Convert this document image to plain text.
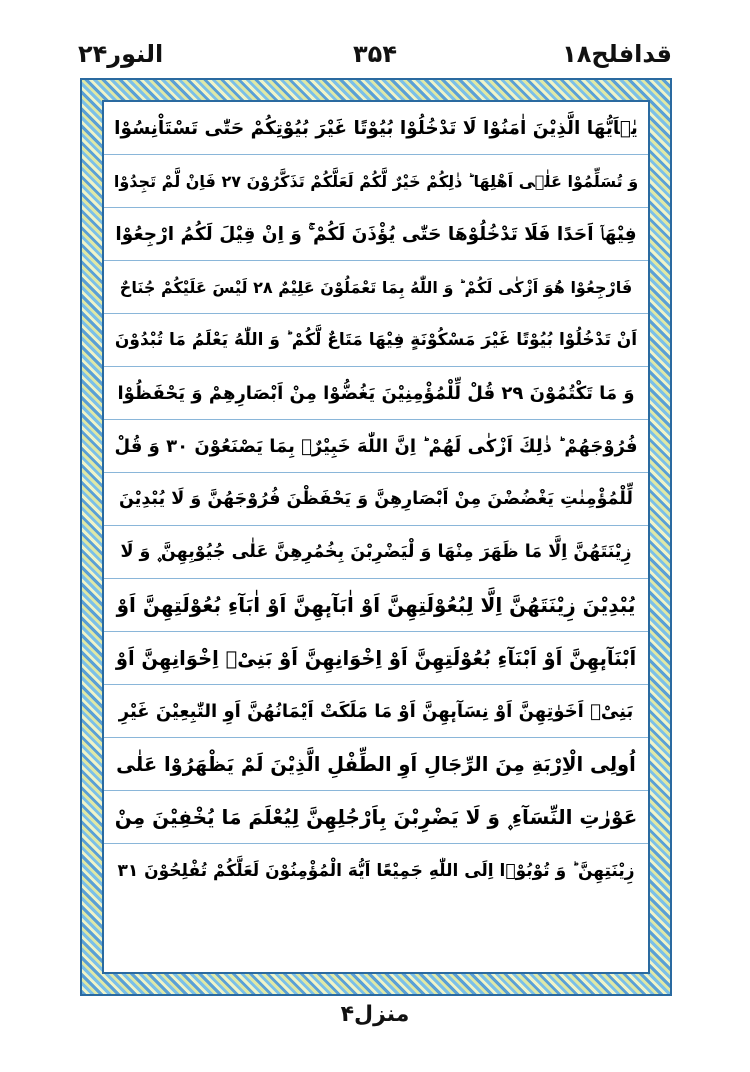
النور۲۴	۳۵۴	قدافلح۱۸
یٰۤاَیُّهَا الَّذِیْنَ اٰمَنُوْا لَا تَدْخُلُوْا بُیُوْتًا غَیْرَ بُیُوْتِكُمْ حَتّٰى تَسْتَاْنِسُوْا
وَ تُسَلِّمُوْا عَلٰۤى اَهْلِهَا ؕ ذٰلِكُمْ خَیْرٌ لَّكُمْ لَعَلَّكُمْ تَذَكَّرُوْنَ ۲۷ فَاِنْ لَّمْ تَجِدُوْا
فِیْهَاۤ اَحَدًا فَلَا تَدْخُلُوْهَا حَتّٰى یُؤْذَنَ لَكُمْ ۚ وَ اِنْ قِیْلَ لَكُمُ ارْجِعُوْا
فَارْجِعُوْا هُوَ اَزْكٰى لَكُمْ ؕ وَ اللّٰهُ بِمَا تَعْمَلُوْنَ عَلِیْمٌ ۲۸ لَیْسَ عَلَیْكُمْ جُنَاحٌ
اَنْ تَدْخُلُوْا بُیُوْتًا غَیْرَ مَسْكُوْنَةٍ فِیْهَا مَتَاعٌ لَّكُمْ ؕ وَ اللّٰهُ یَعْلَمُ مَا تُبْدُوْنَ
وَ مَا تَكْتُمُوْنَ ۲۹ قُلْ لِّلْمُؤْمِنِیْنَ یَغُضُّوْا مِنْ اَبْصَارِهِمْ وَ یَحْفَظُوْا
فُرُوْجَهُمْ ؕ ذٰلِكَ اَزْكٰى لَهُمْ ؕ اِنَّ اللّٰهَ خَبِیْرٌۢ بِمَا یَصْنَعُوْنَ ۳۰ وَ قُلْ
لِّلْمُؤْمِنٰتِ یَغْضُضْنَ مِنْ اَبْصَارِهِنَّ وَ یَحْفَظْنَ فُرُوْجَهُنَّ وَ لَا یُبْدِیْنَ
زِیْنَتَهُنَّ اِلَّا مَا ظَهَرَ مِنْهَا وَ لْیَضْرِبْنَ بِخُمُرِهِنَّ عَلٰى جُیُوْبِهِنَّ ۪ وَ لَا
یُبْدِیْنَ زِیْنَتَهُنَّ اِلَّا لِبُعُوْلَتِهِنَّ اَوْ اٰبَآىٕهِنَّ اَوْ اٰبَآءِ بُعُوْلَتِهِنَّ اَوْ
اَبْنَآىٕهِنَّ اَوْ اَبْنَآءِ بُعُوْلَتِهِنَّ اَوْ اِخْوَانِهِنَّ اَوْ بَنِیْۤ اِخْوَانِهِنَّ اَوْ
بَنِیْۤ اَخَوٰتِهِنَّ اَوْ نِسَآىٕهِنَّ اَوْ مَا مَلَكَتْ اَیْمَانُهُنَّ اَوِ التّٰبِعِیْنَ غَیْرِ
اُولِی الْاِرْبَةِ مِنَ الرِّجَالِ اَوِ الطِّفْلِ الَّذِیْنَ لَمْ یَظْهَرُوْا عَلٰى
عَوْرٰتِ النِّسَآءِ ۪ وَ لَا یَضْرِبْنَ بِاَرْجُلِهِنَّ لِیُعْلَمَ مَا یُخْفِیْنَ مِنْ
زِیْنَتِهِنَّ ؕ وَ تُوْبُوْۤا اِلَى اللّٰهِ جَمِیْعًا اَیُّهَ الْمُؤْمِنُوْنَ لَعَلَّكُمْ تُفْلِحُوْنَ ۳۱
منزل۴
